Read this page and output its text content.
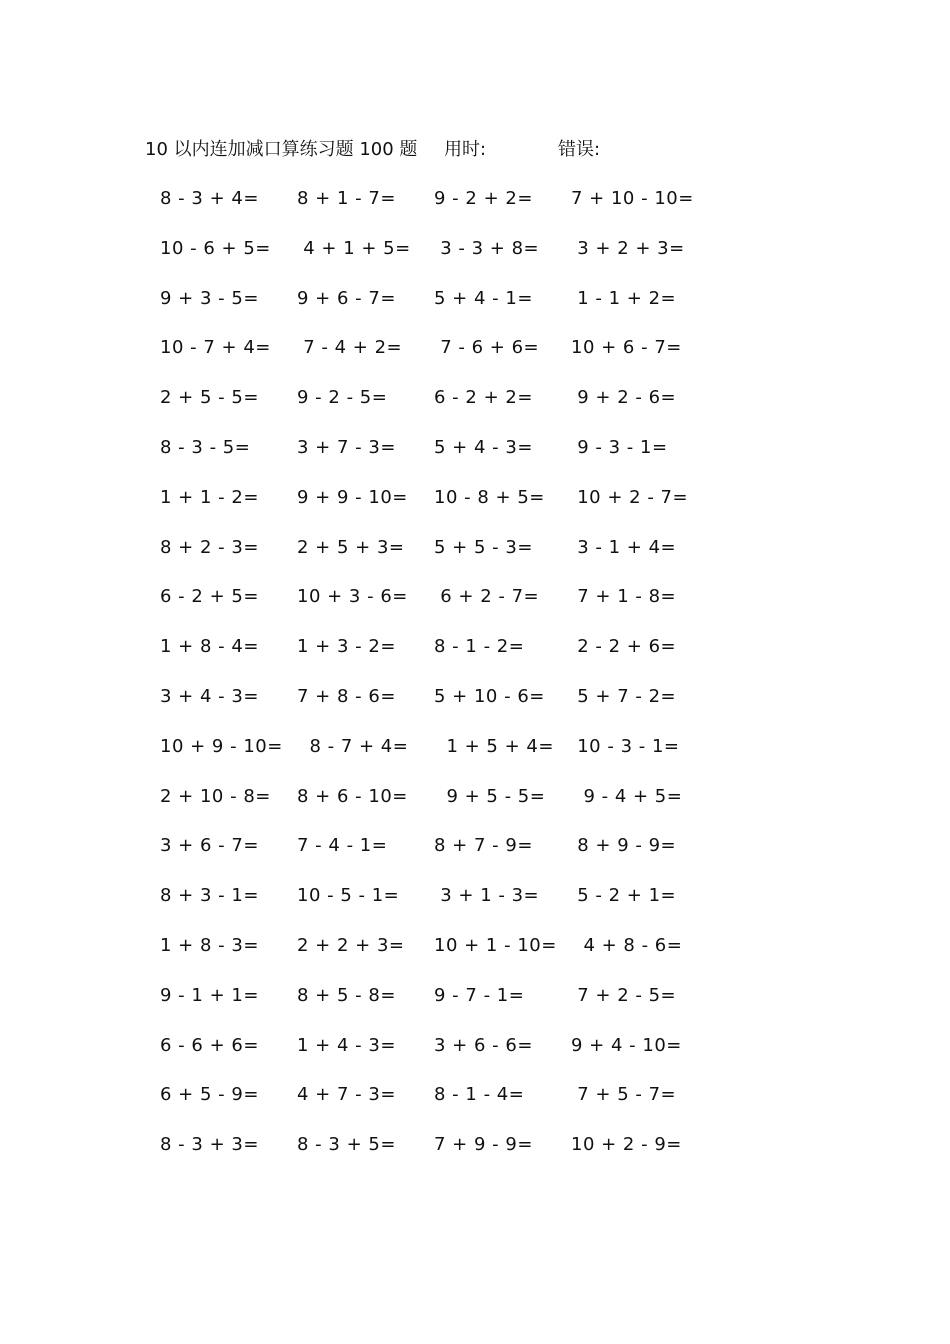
10 以内连加减口算练习题 100 题 用时:	错误:
8 - 3 + 4= 8 + 1 - 7= 9 - 2 + 2= 7 + 10 - 10=
10 - 6 + 5= 4 + 1 + 5= 3 - 3 + 8= 3 + 2 + 3=
9 + 3 - 5= 9 + 6 - 7= 5 + 4 - 1= 1 - 1 + 2=
10 - 7 + 4= 7 - 4 + 2= 7 - 6 + 6= 10 + 6 - 7=
2 + 5 - 5= 9 - 2 - 5=	6 - 2 + 2= 9 + 2 - 6=
8 - 3 - 5=	3 + 7 - 3= 5 + 4 - 3= 9 - 3 - 1=
1 + 1 - 2= 9 + 9 - 10= 10 - 8 + 5= 10 + 2 - 7=
8 + 2 - 3= 2 + 5 + 3= 5 + 5 - 3= 3 - 1 + 4=
6 - 2 + 5= 10 + 3 - 6= 6 + 2 - 7= 7 + 1 - 8=
1 + 8 - 4= 1 + 3 - 2= 8 - 1 - 2=	2 - 2 + 6=
3 + 4 - 3= 7 + 8 - 6= 5 + 10 - 6= 5 + 7 - 2=
10 + 9 - 10= 8 - 7 + 4= 1 + 5 + 4= 10 - 3 - 1=
2 + 10 - 8= 8 + 6 - 10= 9 + 5 - 5= 9 - 4 + 5=
3 + 6 - 7= 7 - 4 - 1=	8 + 7 - 9= 8 + 9 - 9=
8 + 3 - 1= 10 - 5 - 1= 3 + 1 - 3= 5 - 2 + 1=
1 + 8 - 3= 2 + 2 + 3= 10 + 1 - 10= 4 + 8 - 6=
9 - 1 + 1= 8 + 5 - 8= 9 - 7 - 1=	7 + 2 - 5=
6 - 6 + 6= 1 + 4 - 3= 3 + 6 - 6= 9 + 4 - 10=
6 + 5 - 9= 4 + 7 - 3= 8 - 1 - 4=	7 + 5 - 7=
8 - 3 + 3= 8 - 3 + 5= 7 + 9 - 9= 10 + 2 - 9=
